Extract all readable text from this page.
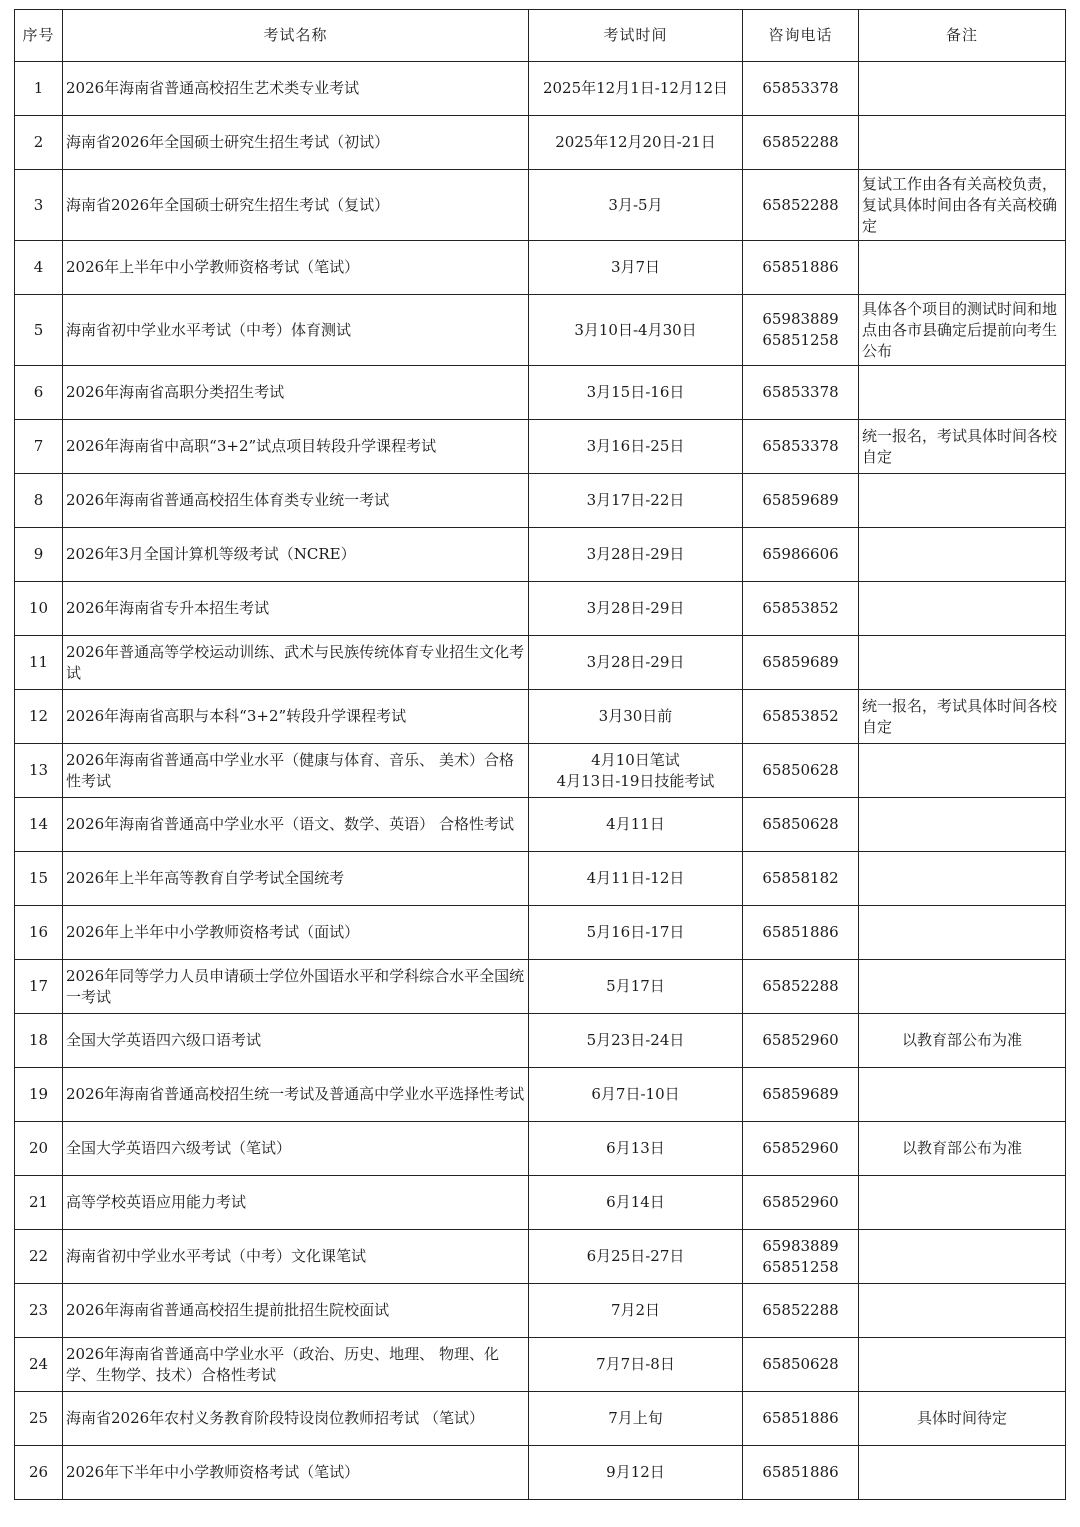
序号	考试名称	考试时间	咨询电话	备注
1	2026年海南省普通高校招生艺术类专业考试	2025年12月1日-12月12日	65853378	

2	海南省2026年全国硕士研究生招生考试（初试）	2025年12月20日-21日	65852288	

3	海南省2026年全国硕士研究生招生考试（复试）	3月-5月	65852288	复试工作由各有关高校负责，复试具体时间由各有关高校确定
4	2026年上半年中小学教师资格考试（笔试）	3月7日	65851886	

5	海南省初中学业水平考试（中考）体育测试	3月10日-4月30日	65983889
65851258	具体各个项目的测试时间和地点由各市县确定后提前向考生公布
6	2026年海南省高职分类招生考试	3月15日-16日	65853378	

7	2026年海南省中高职“3+2”试点项目转段升学课程考试	3月16日-25日	65853378	统一报名，考试具体时间各校自定
8	2026年海南省普通高校招生体育类专业统一考试	3月17日-22日	65859689	

9	2026年3月全国计算机等级考试（NCRE）	3月28日-29日	65986606	

10	2026年海南省专升本招生考试	3月28日-29日	65853852	

11	2026年普通高等学校运动训练、武术与民族传统体育专业招生文化考试	3月28日-29日	65859689	

12	2026年海南省高职与本科“3+2”转段升学课程考试	3月30日前	65853852	统一报名，考试具体时间各校自定
13	2026年海南省普通高中学业水平（健康与体育、音乐、 美术）合格性考试	4月10日笔试
4月13日-19日技能考试	65850628	

14	2026年海南省普通高中学业水平（语文、数学、英语） 合格性考试	4月11日	65850628	

15	2026年上半年高等教育自学考试全国统考	4月11日-12日	65858182	

16	2026年上半年中小学教师资格考试（面试）	5月16日-17日	65851886	

17	2026年同等学力人员申请硕士学位外国语水平和学科综合水平全国统一考试	5月17日	65852288	

18	全国大学英语四六级口语考试	5月23日-24日	65852960	以教育部公布为准
19	2026年海南省普通高校招生统一考试及普通高中学业水平选择性考试	6月7日-10日	65859689	

20	全国大学英语四六级考试（笔试）	6月13日	65852960	以教育部公布为准
21	高等学校英语应用能力考试	6月14日	65852960	

22	海南省初中学业水平考试（中考）文化课笔试	6月25日-27日	65983889
65851258	

23	2026年海南省普通高校招生提前批招生院校面试	7月2日	65852288	

24	2026年海南省普通高中学业水平（政治、历史、地理、 物理、化学、生物学、技术）合格性考试	7月7日-8日	65850628	

25	海南省2026年农村义务教育阶段特设岗位教师招考试 （笔试）	7月上旬	65851886	具体时间待定
26	2026年下半年中小学教师资格考试（笔试）	9月12日	65851886	
